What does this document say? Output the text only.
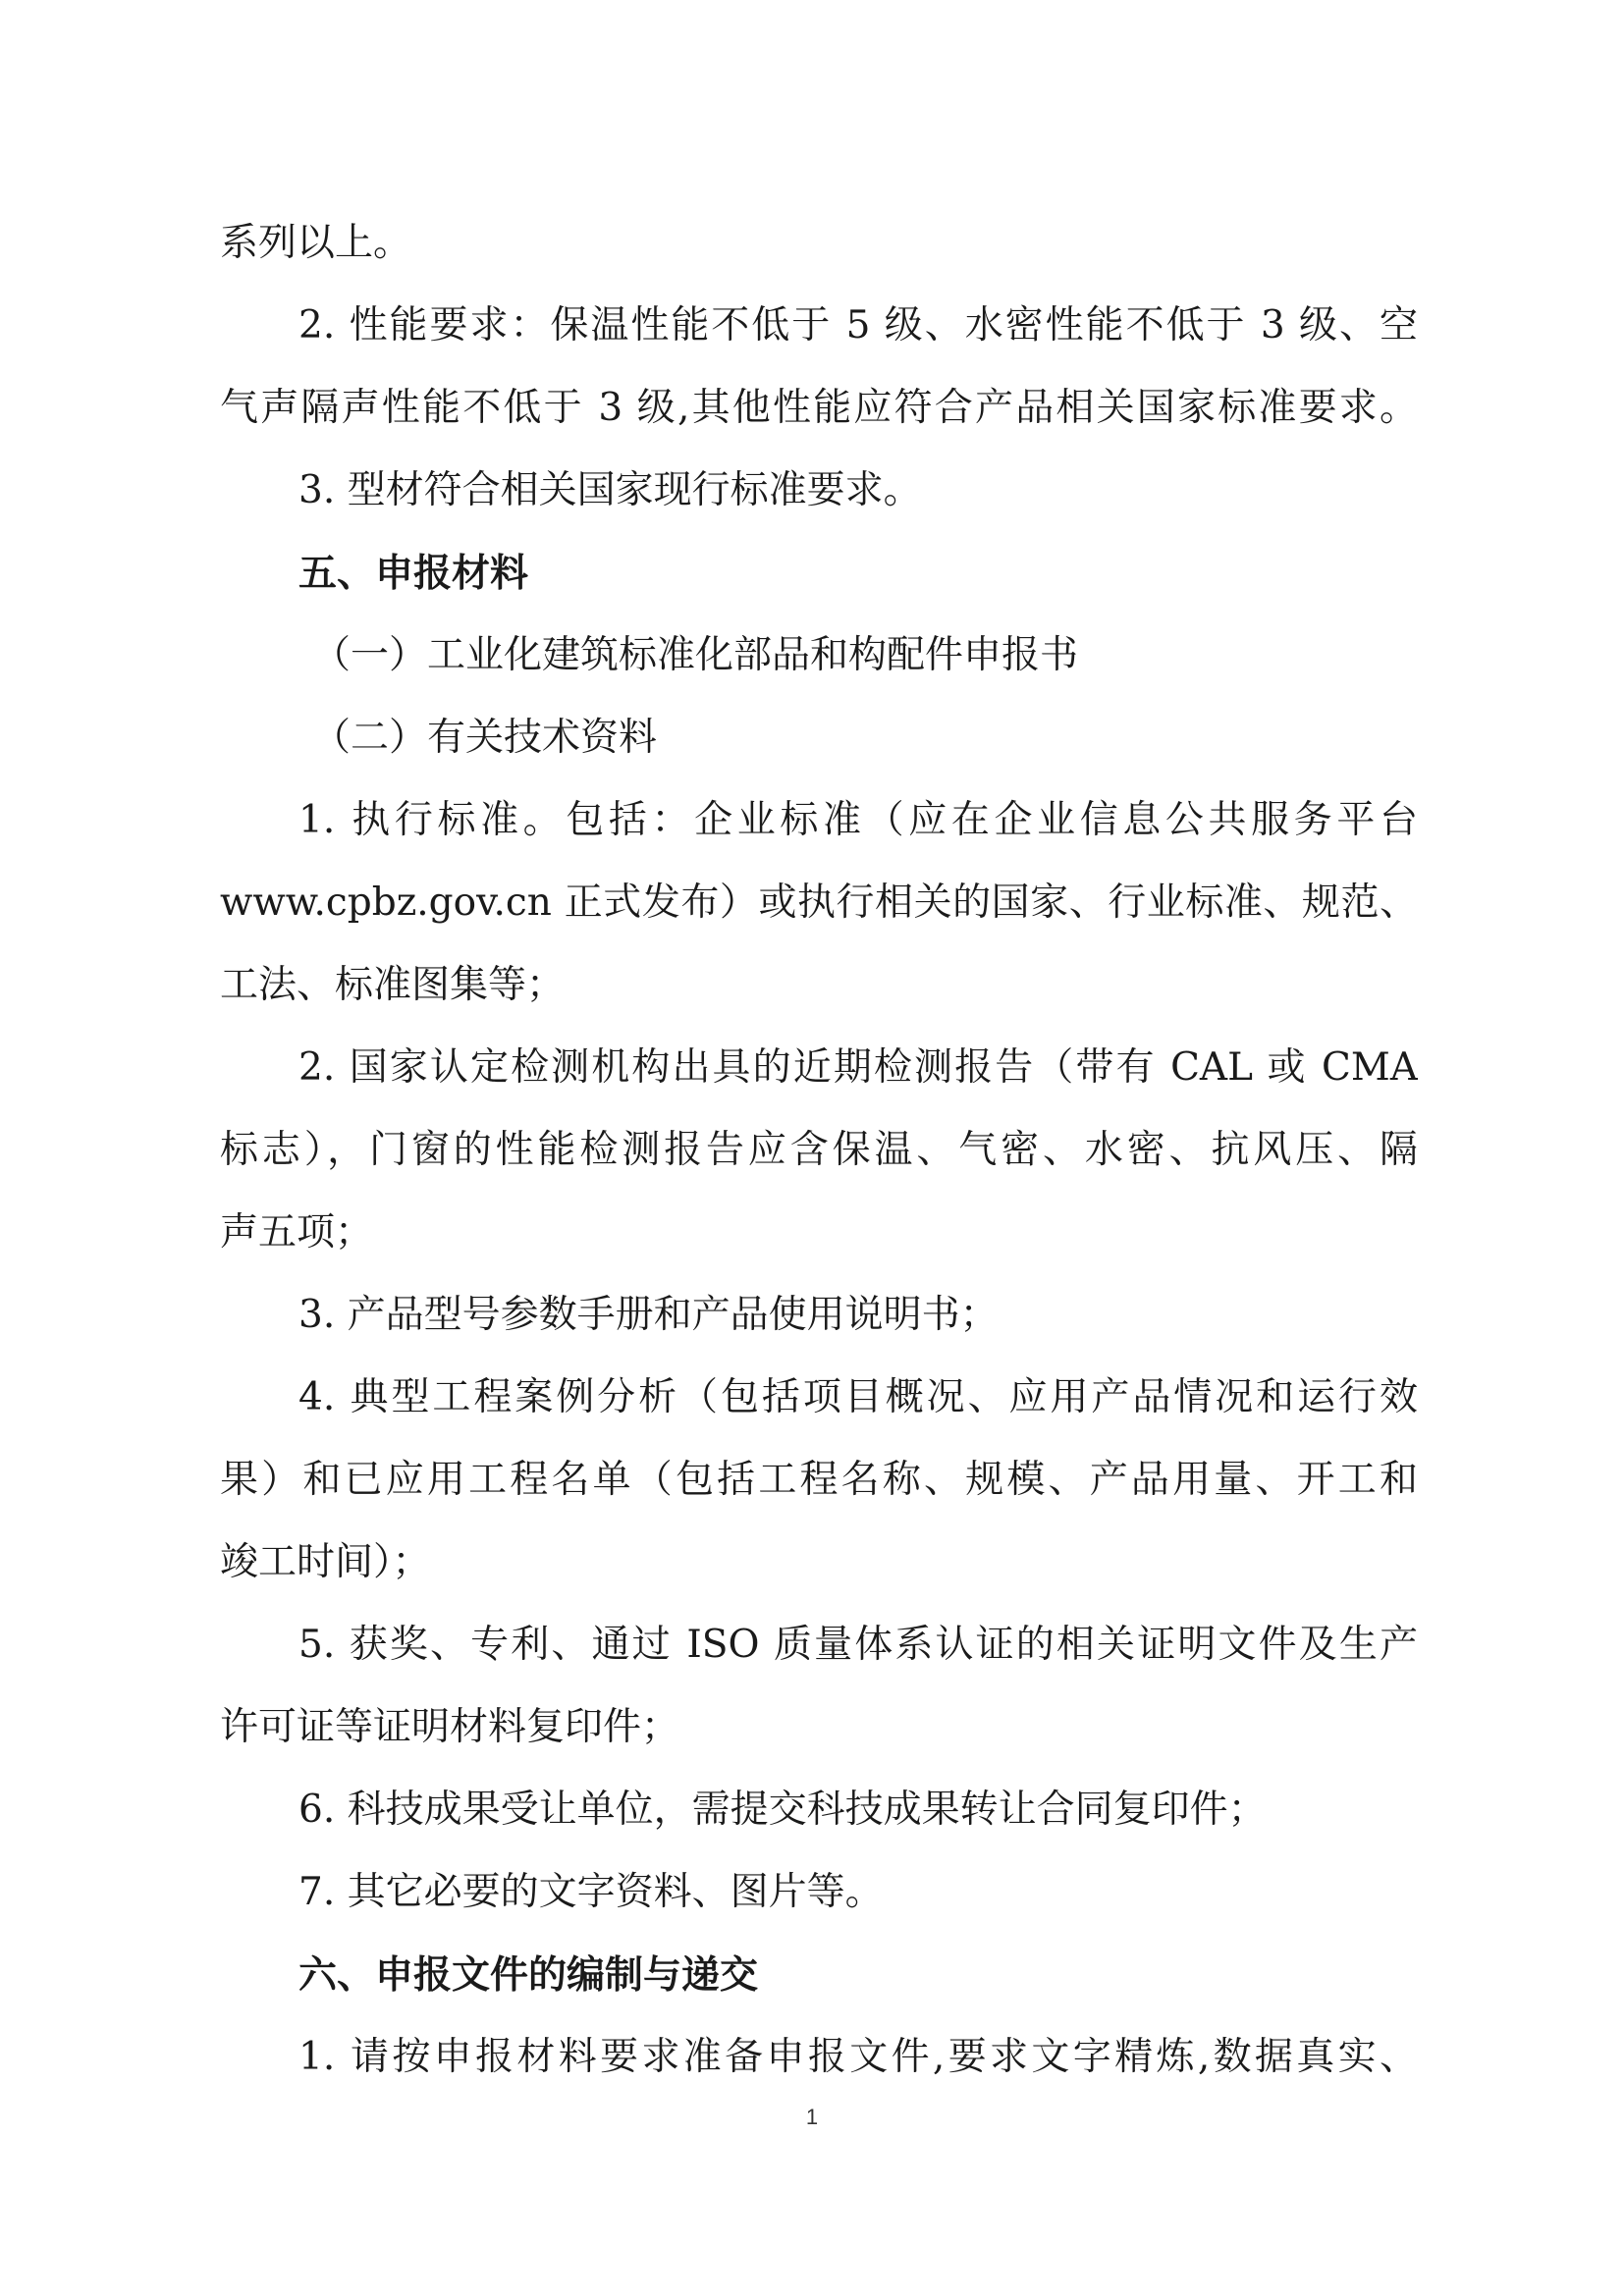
系列以上。
2. 性能要求：保温性能不低于 5 级、水密性能不低于 3 级、空
气声隔声性能不低于 3 级,其他性能应符合产品相关国家标准要求。
3. 型材符合相关国家现行标准要求。
五、申报材料
（一）工业化建筑标准化部品和构配件申报书
（二）有关技术资料
1. 执行标准。包括：企业标准（应在企业信息公共服务平台
www.cpbz.gov.cn 正式发布）或执行相关的国家、行业标准、规范、
工法、标准图集等；
2. 国家认定检测机构出具的近期检测报告（带有 CAL 或 CMA
标志），门窗的性能检测报告应含保温、气密、水密、抗风压、隔
声五项；
3. 产品型号参数手册和产品使用说明书；
4. 典型工程案例分析（包括项目概况、应用产品情况和运行效
果）和已应用工程名单（包括工程名称、规模、产品用量、开工和
竣工时间）；
5. 获奖、专利、通过 ISO 质量体系认证的相关证明文件及生产
许可证等证明材料复印件；
6. 科技成果受让单位，需提交科技成果转让合同复印件；
7. 其它必要的文字资料、图片等。
六、申报文件的编制与递交
1. 请按申报材料要求准备申报文件,要求文字精炼,数据真实、
1
